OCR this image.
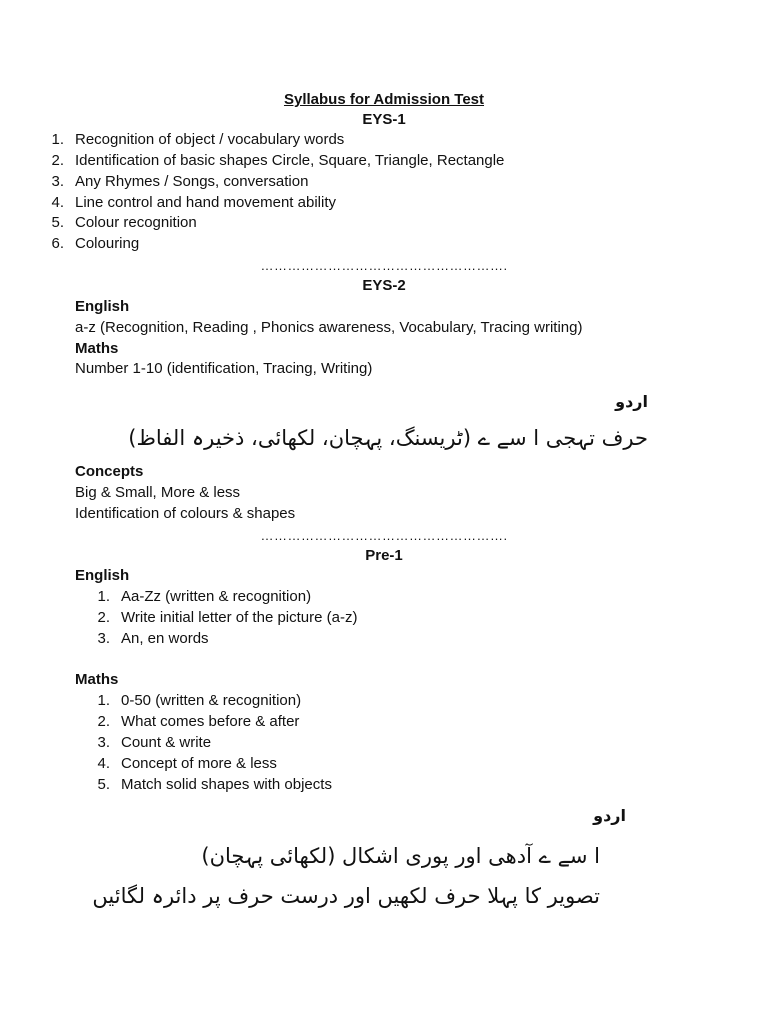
Syllabus for Admission Test
EYS-1
1. Recognition of object / vocabulary words
2. Identification of basic shapes Circle, Square, Triangle, Rectangle
3. Any Rhymes / Songs, conversation
4. Line control and hand movement ability
5. Colour recognition
6. Colouring
……………………………………………….
EYS-2
English
a-z (Recognition, Reading , Phonics awareness, Vocabulary, Tracing writing)
Maths
Number 1-10 (identification, Tracing, Writing)
اردو
حرف تہجی ا سے ے (ٹریسنگ، پہچان، لکھائی، ذخیرہ الفاظ)
Concepts
Big & Small, More & less
Identification of colours & shapes
……………………………………………….
Pre-1
English
1. Aa-Zz (written & recognition)
2. Write initial letter of the picture (a-z)
3. An, en words
Maths
1. 0-50 (written & recognition)
2. What comes before & after
3. Count & write
4. Concept of more & less
5. Match solid shapes with objects
اردو
ا سے ے آدھی اور پوری اشکال (لکھائی پہچان)
تصویر کا پہلا حرف لکھیں اور درست حرف پر دائرہ لگائیں
